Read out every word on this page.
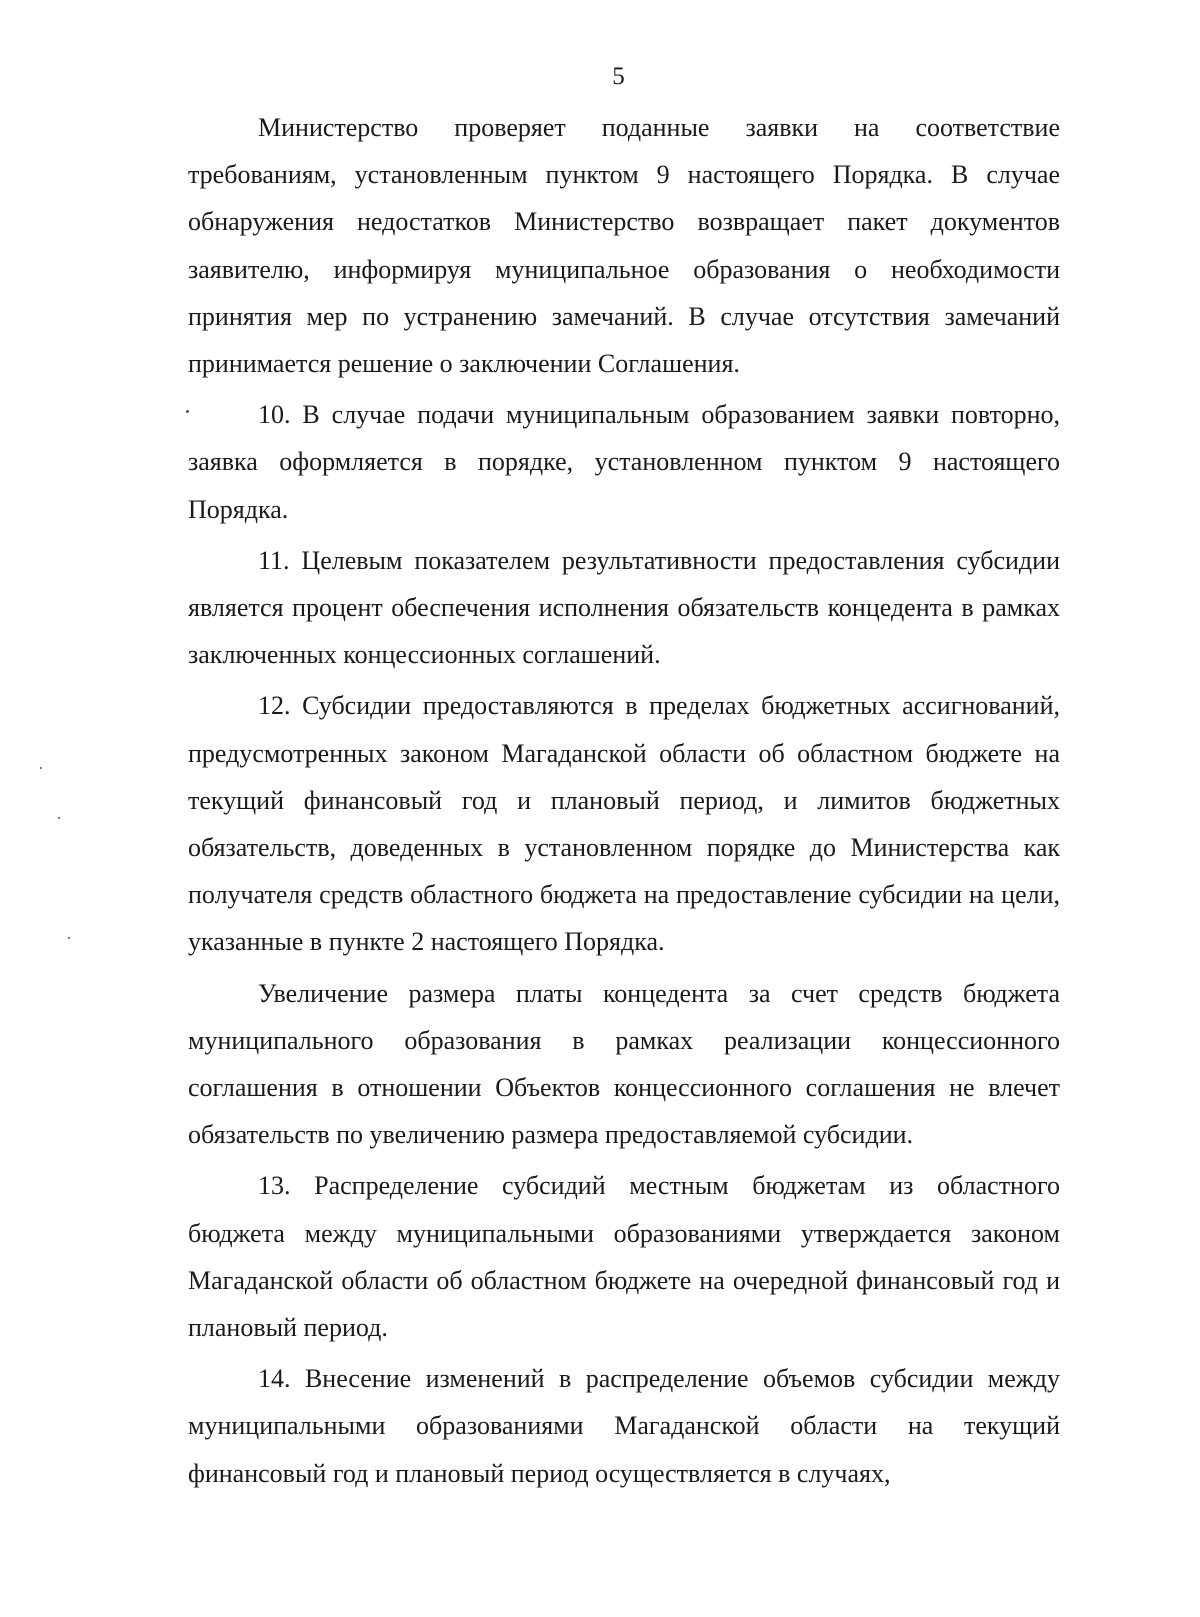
5

Министерство проверяет поданные заявки на соответствие требованиям, установленным пунктом 9 настоящего Порядка. В случае обнаружения недостатков Министерство возвращает пакет документов заявителю, информируя муниципальное образования о необходимости принятия мер по устранению замечаний. В случае отсутствия замечаний принимается решение о заключении Соглашения.

10. В случае подачи муниципальным образованием заявки повторно, заявка оформляется в порядке, установленном пунктом 9 настоящего Порядка.

11. Целевым показателем результативности предоставления субсидии является процент обеспечения исполнения обязательств концедента в рамках заключенных концессионных соглашений.

12. Субсидии предоставляются в пределах бюджетных ассигнований, предусмотренных законом Магаданской области об областном бюджете на текущий финансовый год и плановый период, и лимитов бюджетных обязательств, доведенных в установленном порядке до Министерства как получателя средств областного бюджета на предоставление субсидии на цели, указанные в пункте 2 настоящего Порядка.

Увеличение размера платы концедента за счет средств бюджета муниципального образования в рамках реализации концессионного соглашения в отношении Объектов концессионного соглашения не влечет обязательств по увеличению размера предоставляемой субсидии.

13. Распределение субсидий местным бюджетам из областного бюджета между муниципальными образованиями утверждается законом Магаданской области об областном бюджете на очередной финансовый год и плановый период.

14. Внесение изменений в распределение объемов субсидии между муниципальными образованиями Магаданской области на текущий финансовый год и плановый период осуществляется в случаях,
